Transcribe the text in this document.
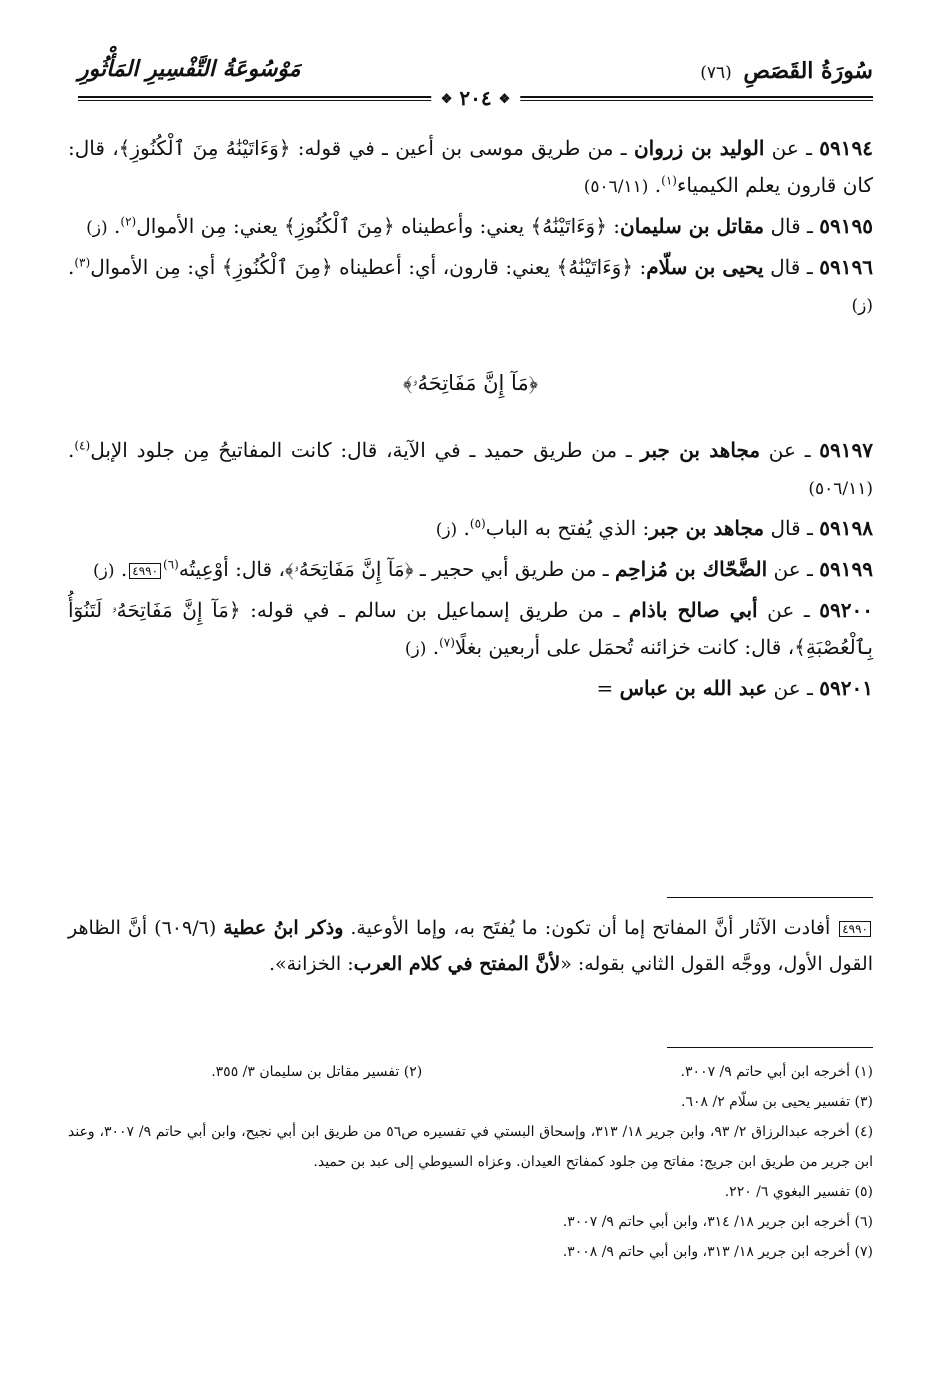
سُورَةُ القَصَصِ (٧٦)
مَوْسُوعَةُ التَّفْسِيرِ المَأْثُورِ
❖ ٢٠٤ ❖

٥٩١٩٤ ـ عن الوليد بن زروان ـ من طريق موسى بن أعين ـ في قوله: ﴿وَءَاتَيْنَٰهُ مِنَ ٱلْكُنُوزِ﴾، قال: كان قارون يعلم الكيمياء$^{(١)}$. (٥٠٦/١١)

٥٩١٩٥ ـ قال مقاتل بن سليمان: ﴿وَءَاتَيْنَٰهُ﴾ يعني: وأعطيناه ﴿مِنَ ٱلْكُنُوزِ﴾ يعني: مِن الأموال$^{(٢)}$. (ز)

٥٩١٩٦ ـ قال يحيى بن سلّام: ﴿وَءَاتَيْنَٰهُ﴾ يعني: قارون، أي: أعطيناه ﴿مِنَ ٱلْكُنُوزِ﴾ أي: مِن الأموال$^{(٣)}$. (ز)

﴿مَآ إِنَّ مَفَاتِحَهُۥ﴾

٥٩١٩٧ ـ عن مجاهد بن جبر ـ من طريق حميد ـ في الآية، قال: كانت المفاتيحُ مِن جلود الإبل$^{(٤)}$. (٥٠٦/١١)

٥٩١٩٨ ـ قال مجاهد بن جبر: الذي يُفتح به الباب$^{(٥)}$. (ز)

٥٩١٩٩ ـ عن الضَّحّاك بن مُزاحِم ـ من طريق أبي حجير ـ ﴿مَآ إِنَّ مَفَاتِحَهُۥ﴾، قال: أوْعِيتُه$^{(٦)}$٤٩٩٠. (ز)

٥٩٢٠٠ ـ عن أبي صالح باذام ـ من طريق إسماعيل بن سالم ـ في قوله: ﴿مَآ إِنَّ مَفَاتِحَهُۥ لَتَنُوٓأُ بِٱلْعُصْبَةِ﴾، قال: كانت خزائنه تُحمَل على أربعين بغلًا$^{(٧)}$. (ز)

٥٩٢٠١ ـ عن عبد الله بن عباس =

٤٩٩٠ أفادت الآثار أنَّ المفاتح إما أن تكون: ما يُفتَح به، وإما الأوعية. وذكر ابنُ عطية (٦٠٩/٦) أنَّ الظاهر القول الأول، ووجَّه القول الثاني بقوله: «لأنَّ المفتح في كلام العرب: الخزانة».
(١) أخرجه ابن أبي حاتم ٩/ ٣٠٠٧.
(٢) تفسير مقاتل بن سليمان ٣/ ٣٥٥.
(٣) تفسير يحيى بن سلّام ٢/ ٦٠٨.
(٤) أخرجه عبدالرزاق ٢/ ٩٣، وابن جرير ١٨/ ٣١٣، وإسحاق البستي في تفسيره ص٥٦ من طريق ابن أبي نجيح، وابن أبي حاتم ٩/ ٣٠٠٧، وعند ابن جرير من طريق ابن جريج: مفاتح مِن جلود كمفاتح العيدان. وعزاه السيوطي إلى عبد بن حميد.
(٥) تفسير البغوي ٦/ ٢٢٠.
(٦) أخرجه ابن جرير ١٨/ ٣١٤، وابن أبي حاتم ٩/ ٣٠٠٧.
(٧) أخرجه ابن جرير ١٨/ ٣١٣، وابن أبي حاتم ٩/ ٣٠٠٨.
